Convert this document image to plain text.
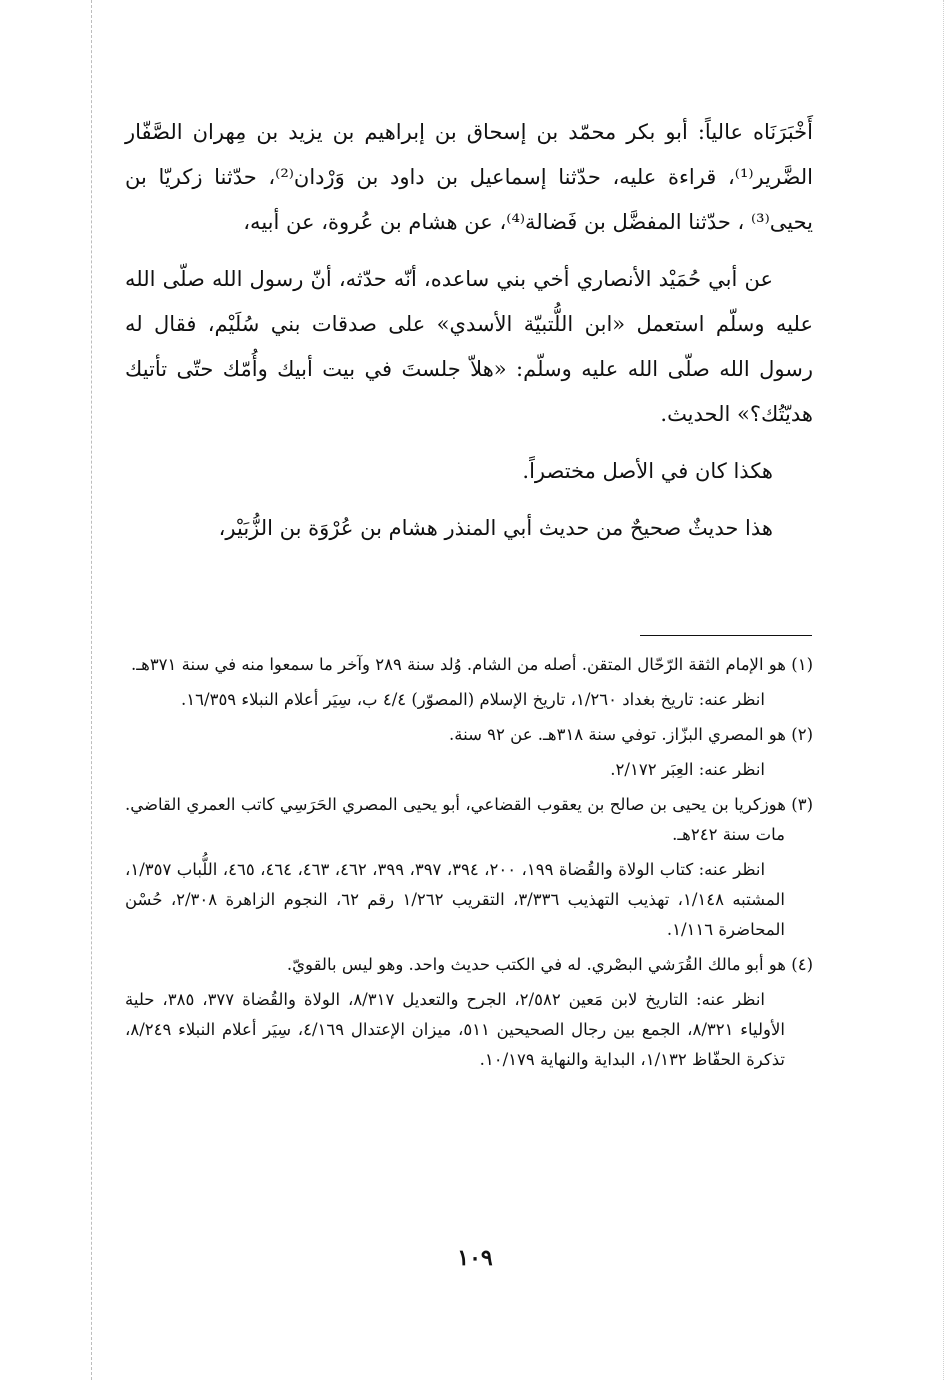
أَخْبَرَنَاه عالياً: أبو بكر محمّد بن إسحاق بن إبراهيم بن يزيد بن مِهران الصَّفّار الضَّرير⁽¹⁾، قراءة عليه، حدّثنا إسماعيل بن داود بن وَرْدان⁽²⁾، حدّثنا زكريّا بن يحيى⁽³⁾ ، حدّثنا المفضَّل بن فَضالة⁽⁴⁾، عن هشام بن عُروة، عن أبيه،

عن أبي حُمَيْد الأنصاري أخي بني ساعده، أنّه حدّثه، أنّ رسول الله صلّى الله عليه وسلّم استعمل «ابن اللُّتبيّة الأسدي» على صدقات بني سُلَيْم، فقال له رسول الله صلّى الله عليه وسلّم: «هلاّ جلستَ في بيت أبيك وأُمّك حتّى تأتيك هديّتُك؟» الحديث.

هكذا كان في الأصل مختصراً.

هذا حديثٌ صحيحٌ من حديث أبي المنذر هشام بن عُرْوَة بن الزُّبَيْر،

(١) هو الإمام الثقة الرّحّال المتقن. أصله من الشام. وُلد سنة ٢٨٩ وآخر ما سمعوا منه في سنة ٣٧١هـ.

انظر عنه: تاريخ بغداد ١/٢٦٠، تاريخ الإسلام (المصوّر) ٤/٤ ب، سِيَر أعلام النبلاء ١٦/٣٥٩.

(٢) هو المصري البزّاز. توفي سنة ٣١٨هـ. عن ٩٢ سنة.

انظر عنه: العِبَر ٢/١٧٢.

(٣) هوزكريا بن يحيى بن صالح بن يعقوب القضاعي، أبو يحيى المصري الحَرَسِي كاتب العمري القاضي. مات سنة ٢٤٢هـ.

انظر عنه: كتاب الولاة والقُضاة ١٩٩، ٢٠٠، ٣٩٤، ٣٩٧، ٣٩٩، ٤٦٢، ٤٦٣، ٤٦٤، ٤٦٥، اللُّباب ١/٣٥٧، المشتبه ١/١٤٨، تهذيب التهذيب ٣/٣٣٦، التقريب ١/٢٦٢ رقم ٦٢، النجوم الزاهرة ٢/٣٠٨، حُسْن المحاضرة ١/١١٦.

(٤) هو أبو مالك القُرَشي البصْري. له في الكتب حديث واحد. وهو ليس بالقويّ.

انظر عنه: التاريخ لابن مَعين ٢/٥٨٢، الجرح والتعديل ٨/٣١٧، الولاة والقُضاة ٣٧٧، ٣٨٥، حلية الأولياء ٨/٣٢١، الجمع بين رجال الصحيحين ٥١١، ميزان الإعتدال ٤/١٦٩، سِيَر أعلام النبلاء ٨/٢٤٩، تذكرة الحفّاظ ١/١٣٢، البداية والنهاية ١٠/١٧٩.

١٠٩
